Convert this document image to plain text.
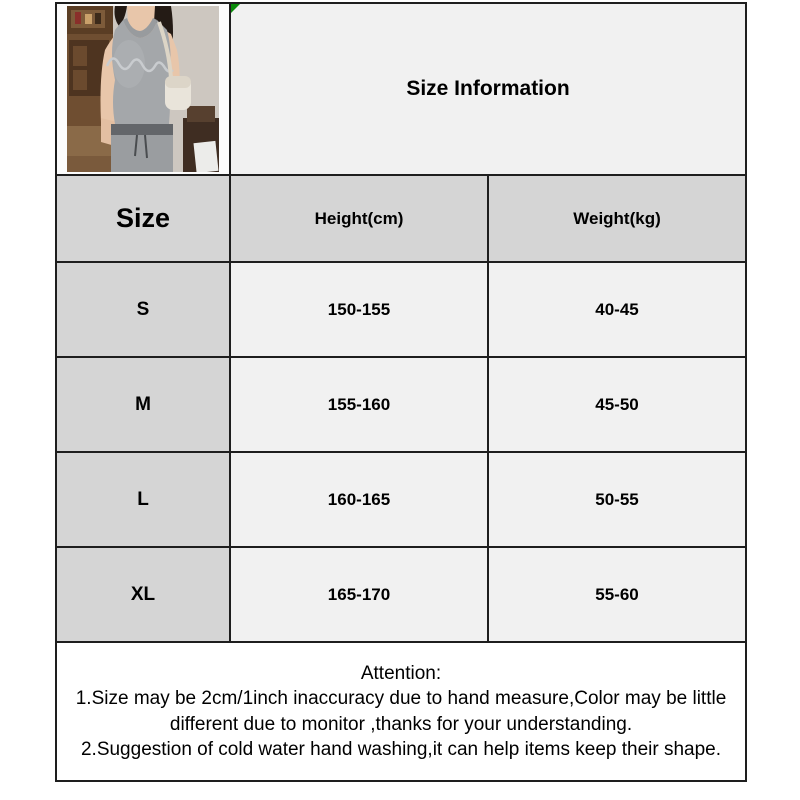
Size Information	
Size	Height(cm)	Weight(kg)
S	150-155	40-45
M	155-160	45-50
L	160-165	50-55
XL	165-170	55-60

Attention:
1.Size may be 2cm/1inch inaccuracy due to hand measure,Color may be little
different due to monitor ,thanks for your understanding.
2.Suggestion of cold water hand washing,it can help items keep their shape.		
